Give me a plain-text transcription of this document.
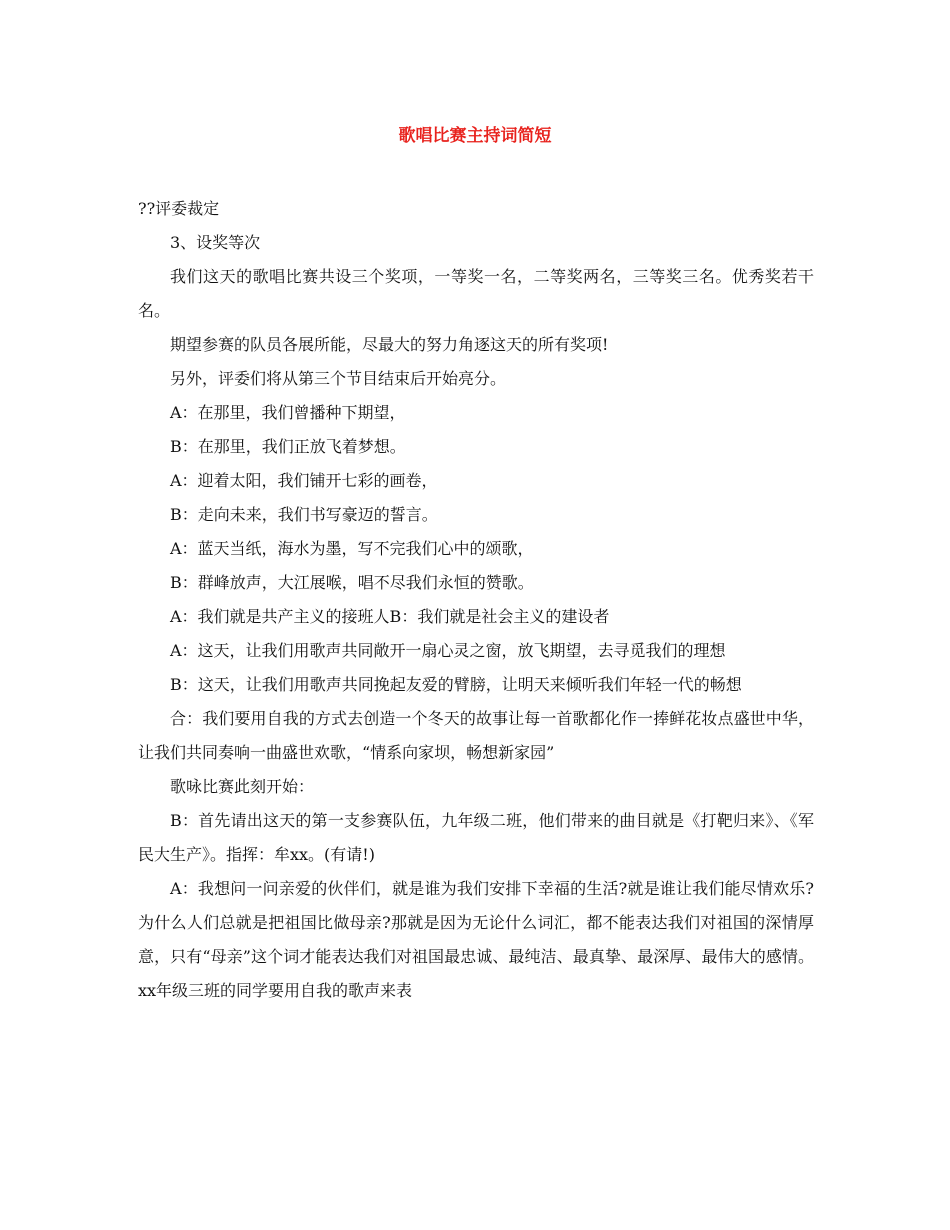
歌唱比赛主持词简短

??评委裁定

3、设奖等次

我们这天的歌唱比赛共设三个奖项，一等奖一名，二等奖两名，三等奖三名。优秀奖若干名。

期望参赛的队员各展所能，尽最大的努力角逐这天的所有奖项!

另外，评委们将从第三个节目结束后开始亮分。

A：在那里，我们曾播种下期望，

B：在那里，我们正放飞着梦想。

A：迎着太阳，我们铺开七彩的画卷，

B：走向未来，我们书写豪迈的誓言。

A：蓝天当纸，海水为墨，写不完我们心中的颂歌，

B：群峰放声，大江展喉，唱不尽我们永恒的赞歌。

A：我们就是共产主义的接班人B：我们就是社会主义的建设者

A：这天，让我们用歌声共同敞开一扇心灵之窗，放飞期望，去寻觅我们的理想

B：这天，让我们用歌声共同挽起友爱的臂膀，让明天来倾听我们年轻一代的畅想

合：我们要用自我的方式去创造一个冬天的故事让每一首歌都化作一捧鲜花妆点盛世中华，让我们共同奏响一曲盛世欢歌，“情系向家坝，畅想新家园”

歌咏比赛此刻开始：

B：首先请出这天的第一支参赛队伍，九年级二班，他们带来的曲目就是《打靶归来》、《军民大生产》。指挥：牟xx。(有请!)

A：我想问一问亲爱的伙伴们，就是谁为我们安排下幸福的生活?就是谁让我们能尽情欢乐?为什么人们总就是把祖国比做母亲?那就是因为无论什么词汇，都不能表达我们对祖国的深情厚意，只有“母亲”这个词才能表达我们对祖国最忠诚、最纯洁、最真挚、最深厚、最伟大的感情。xx年级三班的同学要用自我的歌声来表
